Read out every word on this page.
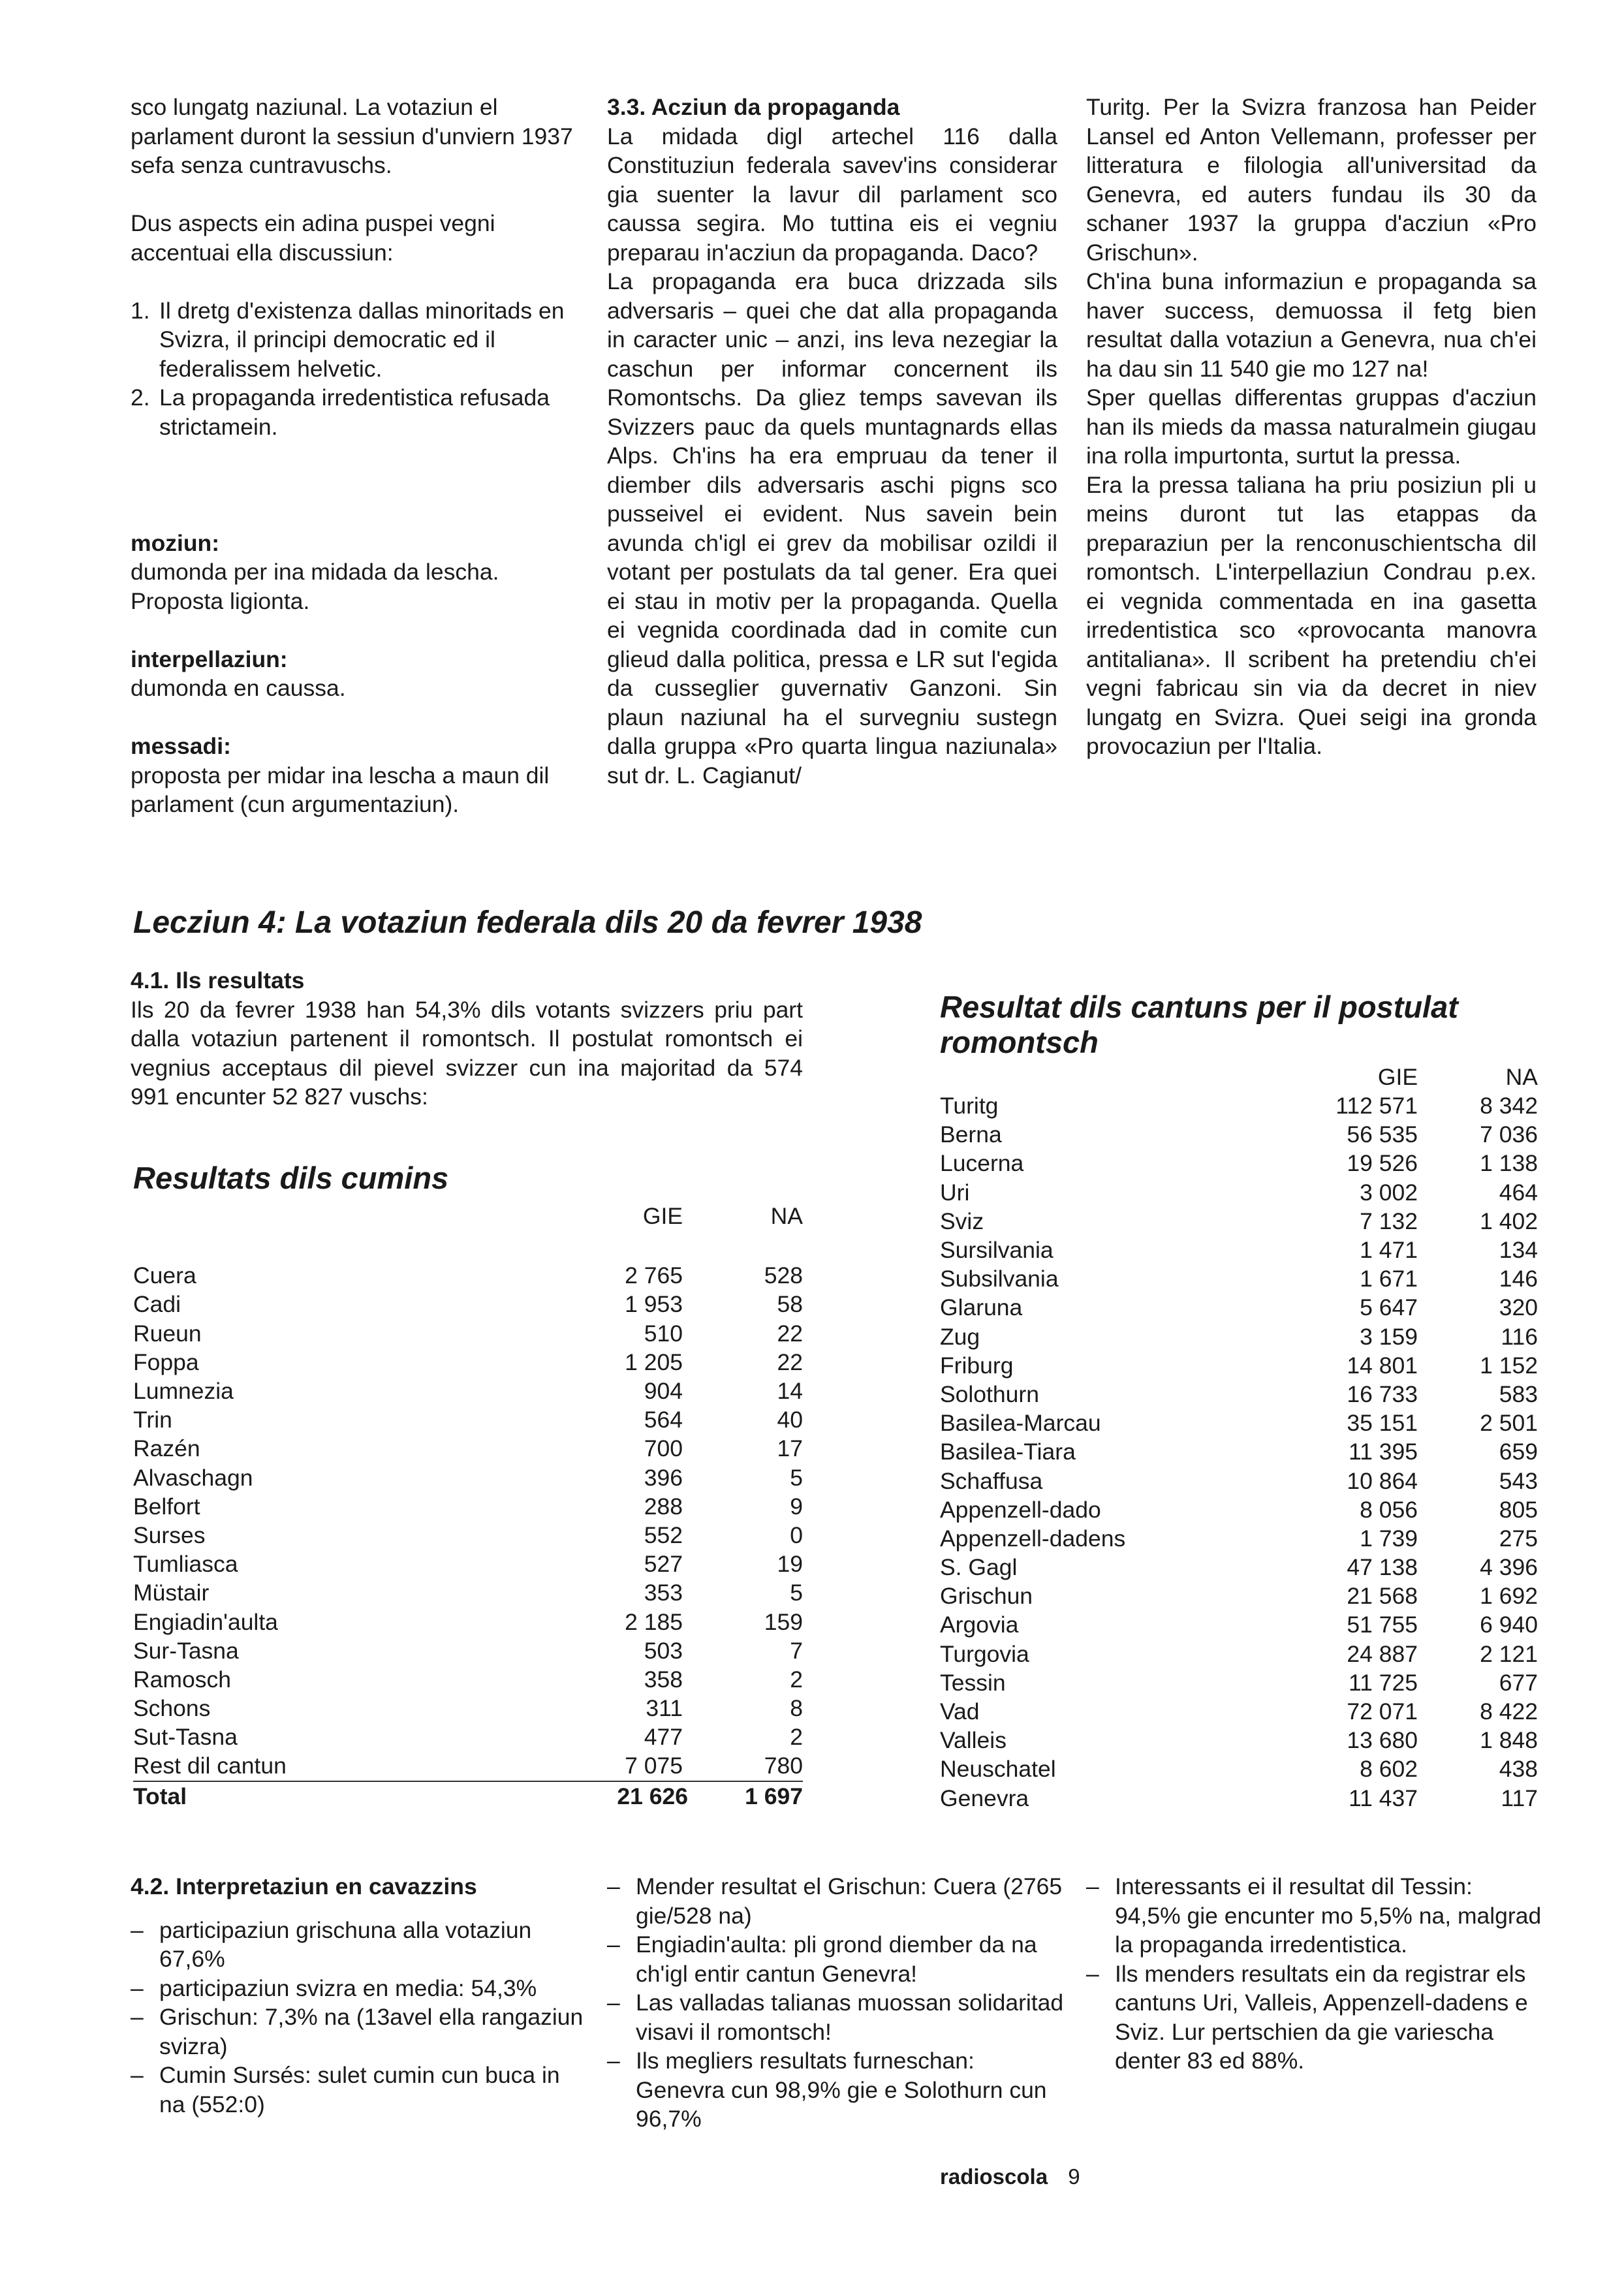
sco lungatg naziunal. La votaziun el parlament duront la sessiun d'unviern 1937 sefa senza cuntravuschs.

Dus aspects ein adina puspei vegni accentuai ella discussiun:

1. Il dretg d'existenza dallas minoritads en Svizra, il principi democratic ed il federalissem helvetic.
2. La propaganda irredentistica refusada strictamein.

moziun:

dumonda per ina midada da lescha. Proposta ligionta.

interpellaziun:

dumonda en caussa.

messadi:

proposta per midar ina lescha a maun dil parlament (cun argumentaziun).

3.3. Acziun da propaganda

La midada digl artechel 116 dalla Constituziun federala savev'ins considerar gia suenter la lavur dil parlament sco caussa segira. Mo tuttina eis ei vegniu preparau in'acziun da propaganda. Daco?

La propaganda era buca drizzada sils adversaris – quei che dat alla propaganda in caracter unic – anzi, ins leva nezegiar la caschun per informar concernent ils Romontschs. Da gliez temps savevan ils Svizzers pauc da quels muntagnards ellas Alps. Ch'ins ha era empruau da tener il diember dils adversaris aschi pigns sco pusseivel ei evident. Nus savein bein avunda ch'igl ei grev da mobilisar ozildi il votant per postulats da tal gener. Era quei ei stau in motiv per la propaganda. Quella ei vegnida coordinada dad in comite cun glieud dalla politica, pressa e LR sut l'egida da cusseglier guvernativ Ganzoni. Sin plaun naziunal ha el survegniu sustegn dalla gruppa «Pro quarta lingua naziunala» sut dr. L. Cagianut/

Turitg. Per la Svizra franzosa han Peider Lansel ed Anton Vellemann, professer per litteratura e filologia all'universitad da Genevra, ed auters fundau ils 30 da schaner 1937 la gruppa d'acziun «Pro Grischun».

Ch'ina buna informaziun e propaganda sa haver success, demuossa il fetg bien resultat dalla votaziun a Genevra, nua ch'ei ha dau sin 11 540 gie mo 127 na!

Sper quellas differentas gruppas d'acziun han ils mieds da massa naturalmein giugau ina rolla impurtonta, surtut la pressa.

Era la pressa taliana ha priu posiziun pli u meins duront tut las etappas da preparaziun per la renconuschientscha dil romontsch. L'interpellaziun Condrau p.ex. ei vegnida commentada en ina gasetta irredentistica sco «provocanta manovra antitaliana». Il scribent ha pretendiu ch'ei vegni fabricau sin via da decret in niev lungatg en Svizra. Quei seigi ina gronda provocaziun per l'Italia.

Lecziun 4: La votaziun federala dils 20 da fevrer 1938

4.1. Ils resultats

Ils 20 da fevrer 1938 han 54,3% dils votants svizzers priu part dalla votaziun partenent il romontsch. Il postulat romontsch ei vegnius acceptaus dil pievel svizzer cun ina majoritad da 574 991 encunter 52 827 vuschs:

Resultats dils cumins
	GIE	NA

Cuera	2 765	528
Cadi	1 953	58
Rueun	510	22
Foppa	1 205	22
Lumnezia	904	14
Trin	564	40
Razén	700	17
Alvaschagn	396	5
Belfort	288	9
Surses	552	0
Tumliasca	527	19
Müstair	353	5
Engiadin'aulta	2 185	159
Sur-Tasna	503	7
Ramosch	358	2
Schons	311	8
Sut-Tasna	477	2
Rest dil cantun	7 075	780
Total	21 626	1 697
Resultat dils cantuns per il postulat
romontsch
	GIE	NA
Turitg	112 571	8 342
Berna	56 535	7 036
Lucerna	19 526	1 138
Uri	3 002	464
Sviz	7 132	1 402
Sursilvania	1 471	134
Subsilvania	1 671	146
Glaruna	5 647	320
Zug	3 159	116
Friburg	14 801	1 152
Solothurn	16 733	583
Basilea-Marcau	35 151	2 501
Basilea-Tiara	11 395	659
Schaffusa	10 864	543
Appenzell-dado	8 056	805
Appenzell-dadens	1 739	275
S. Gagl	47 138	4 396
Grischun	21 568	1 692
Argovia	51 755	6 940
Turgovia	24 887	2 121
Tessin	11 725	677
Vad	72 071	8 422
Valleis	13 680	1 848
Neuschatel	8 602	438
Genevra	11 437	117

4.2. Interpretaziun en cavazzins

– participaziun grischuna alla votaziun 67,6%
– participaziun svizra en media: 54,3%
– Grischun: 7,3% na (13avel ella rangaziun svizra)
– Cumin Sursés: sulet cumin cun buca in na (552:0)
– Mender resultat el Grischun: Cuera (2765 gie/528 na)
– Engiadin'aulta: pli grond diember da na ch'igl entir cantun Genevra!
– Las valladas talianas muossan solidaritad visavi il romontsch!
– Ils megliers resultats furneschan: Genevra cun 98,9% gie e Solothurn cun 96,7%
– Interessants ei il resultat dil Tessin: 94,5% gie encunter mo 5,5% na, malgrad la propaganda irredentistica.
– Ils menders resultats ein da registrar els cantuns Uri, Valleis, Appenzell-dadens e Sviz. Lur pertschien da gie variescha denter 83 ed 88%.
radioscola 9
